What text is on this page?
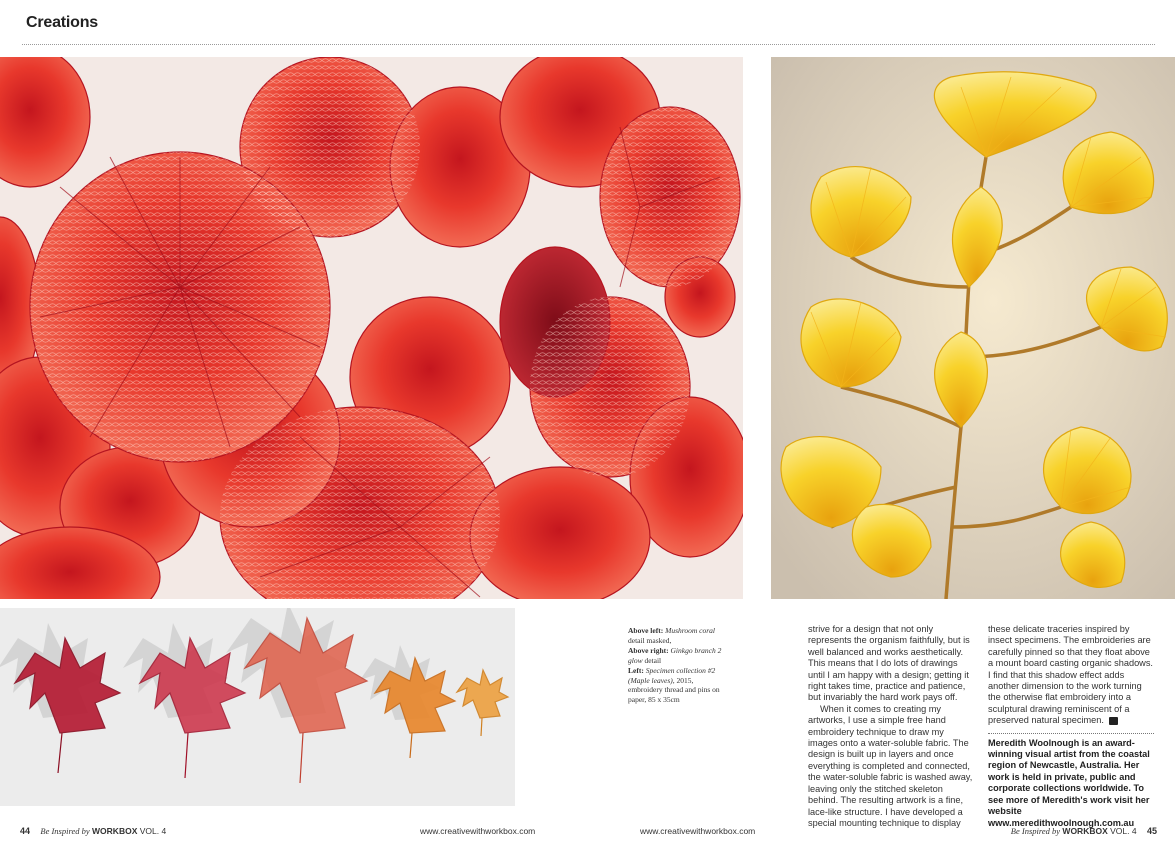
Creations

Above left: Mushroom coral detail masked,

Above right: Ginkgo branch 2 glow detail

Left: Specimen collection #2 (Maple leaves), 2015, embroidery thread and pins on paper, 85 x 35cm

strive for a design that not only represents the organism faithfully, but is well balanced and works aesthetically. This means that I do lots of drawings until I am happy with a design; getting it right takes time, practice and patience, but invariably the hard work pays off.

When it comes to creating my artworks, I use a simple free hand embroidery technique to draw my images onto a water-soluble fabric. The design is built up in layers and once everything is completed and connected, the water-soluble fabric is washed away, leaving only the stitched skeleton behind. The resulting artwork is a fine, lace-like structure. I have developed a special mounting technique to display

these delicate traceries inspired by insect specimens. The embroideries are carefully pinned so that they float above a mount board casting organic shadows. I find that this shadow effect adds another dimension to the work turning the otherwise flat embroidery into a sculptural drawing reminiscent of a preserved natural specimen.

Meredith Woolnough is an award-winning visual artist from the coastal region of Newcastle, Australia. Her work is held in private, public and corporate collections worldwide. To see more of Meredith's work visit her website www.meredithwoolnough.com.au

44 Be Inspired by WORKBOX VOL. 4	www.creativewithworkbox.com	www.creativewithworkbox.com	Be Inspired by WORKBOX VOL. 4 45
